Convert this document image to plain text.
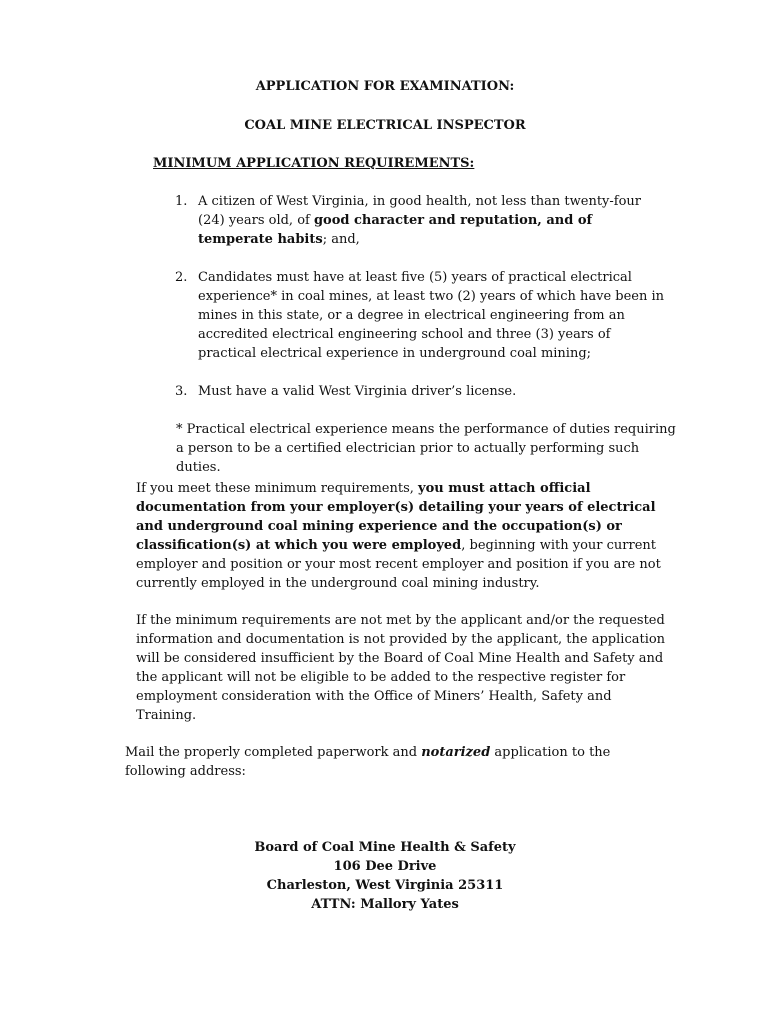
APPLICATION FOR EXAMINATION:
COAL MINE ELECTRICAL INSPECTOR
MINIMUM APPLICATION REQUIREMENTS:
1. A citizen of West Virginia, in good health, not less than twenty-four (24) years old, of good character and reputation, and of temperate habits; and,
2. Candidates must have at least five (5) years of practical electrical experience* in coal mines, at least two (2) years of which have been in mines in this state, or a degree in electrical engineering from an accredited electrical engineering school and three (3) years of practical electrical experience in underground coal mining;
3. Must have a valid West Virginia driver’s license.
* Practical electrical experience means the performance of duties requiring a person to be a certified electrician prior to actually performing such duties.
If you meet these minimum requirements, you must attach official documentation from your employer(s) detailing your years of electrical and underground coal mining experience and the occupation(s) or classification(s) at which you were employed, beginning with your current employer and position or your most recent employer and position if you are not currently employed in the underground coal mining industry.
If the minimum requirements are not met by the applicant and/or the requested information and documentation is not provided by the applicant, the application will be considered insufficient by the Board of Coal Mine Health and Safety and the applicant will not be eligible to be added to the respective register for employment consideration with the Office of Miners’ Health, Safety and Training.
Mail the properly completed paperwork and notarized application to the following address:
Board of Coal Mine Health & Safety
106 Dee Drive
Charleston, West Virginia 25311
ATTN: Mallory Yates
